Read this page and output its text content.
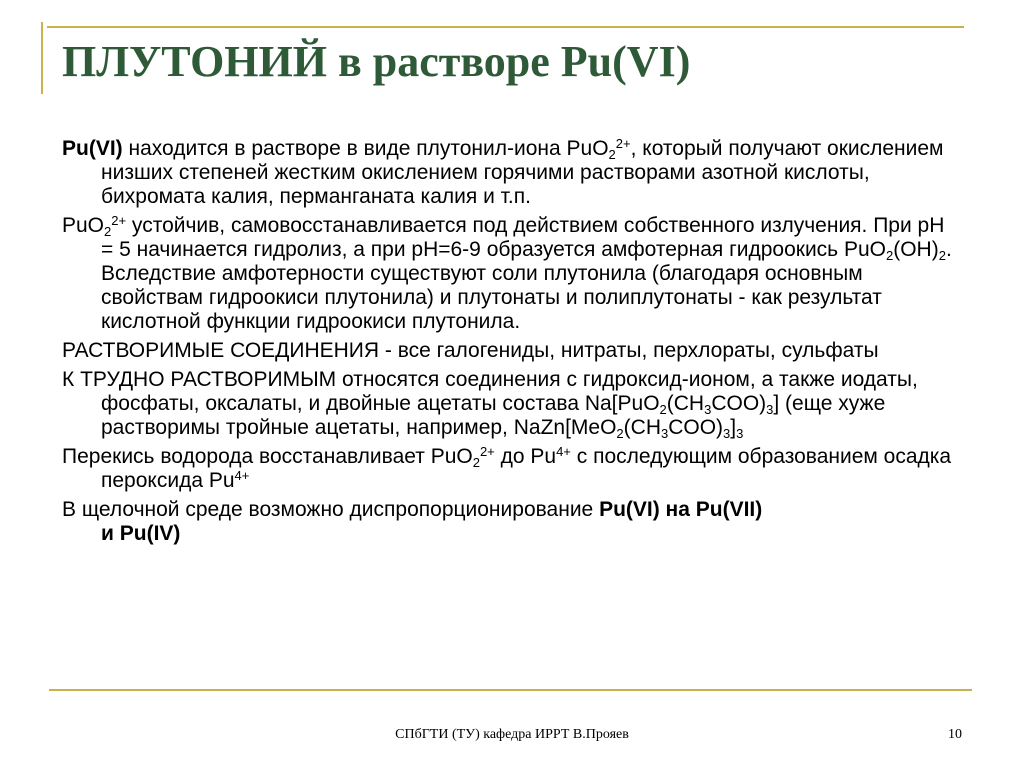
ПЛУТОНИЙ в растворе Pu(VI)

Pu(VI) находится в растворе в виде плутонил-иона PuO$_2^{2+}$, который получают окислением низших степеней жестким окислением горячими растворами азотной кислоты, бихромата калия, перманганата калия и т.п.

PuO$_2^{2+}$ устойчив, самовосстанавливается под действием собственного излучения. При рН = 5 начинается гидролиз, а при рН=6-9 образуется амфотерная гидроокись $PuO_2(OH)_2$. Вследствие амфотерности существуют соли плутонила (благодаря основным свойствам гидроокиси плутонила) и плутонаты и полиплутонаты - как результат кислотной функции гидроокиси плутонила.

РАСТВОРИМЫЕ СОЕДИНЕНИЯ - все галогениды, нитраты, перхлораты, сульфаты

К ТРУДНО РАСТВОРИМЫМ относятся соединения с гидроксид-ионом, а также иодаты, фосфаты, оксалаты, и двойные ацетаты состава $Na[PuO_2(CH_3COO)_3]$ (еще хуже растворимы тройные ацетаты, например, $NaZn[MeO_2(CH_3COO)_3]_3$

Перекись водорода восстанавливает PuO$_2^{2+}$ до $Pu^{4+}$ с последующим образованием осадка пероксида $Pu^{4+}$

В щелочной среде возможно диспропорционирование Pu(VI) на Pu(VII)
и Pu(IV)

СПбГТИ (ТУ) кафедра ИРРТ В.Прояев	10
